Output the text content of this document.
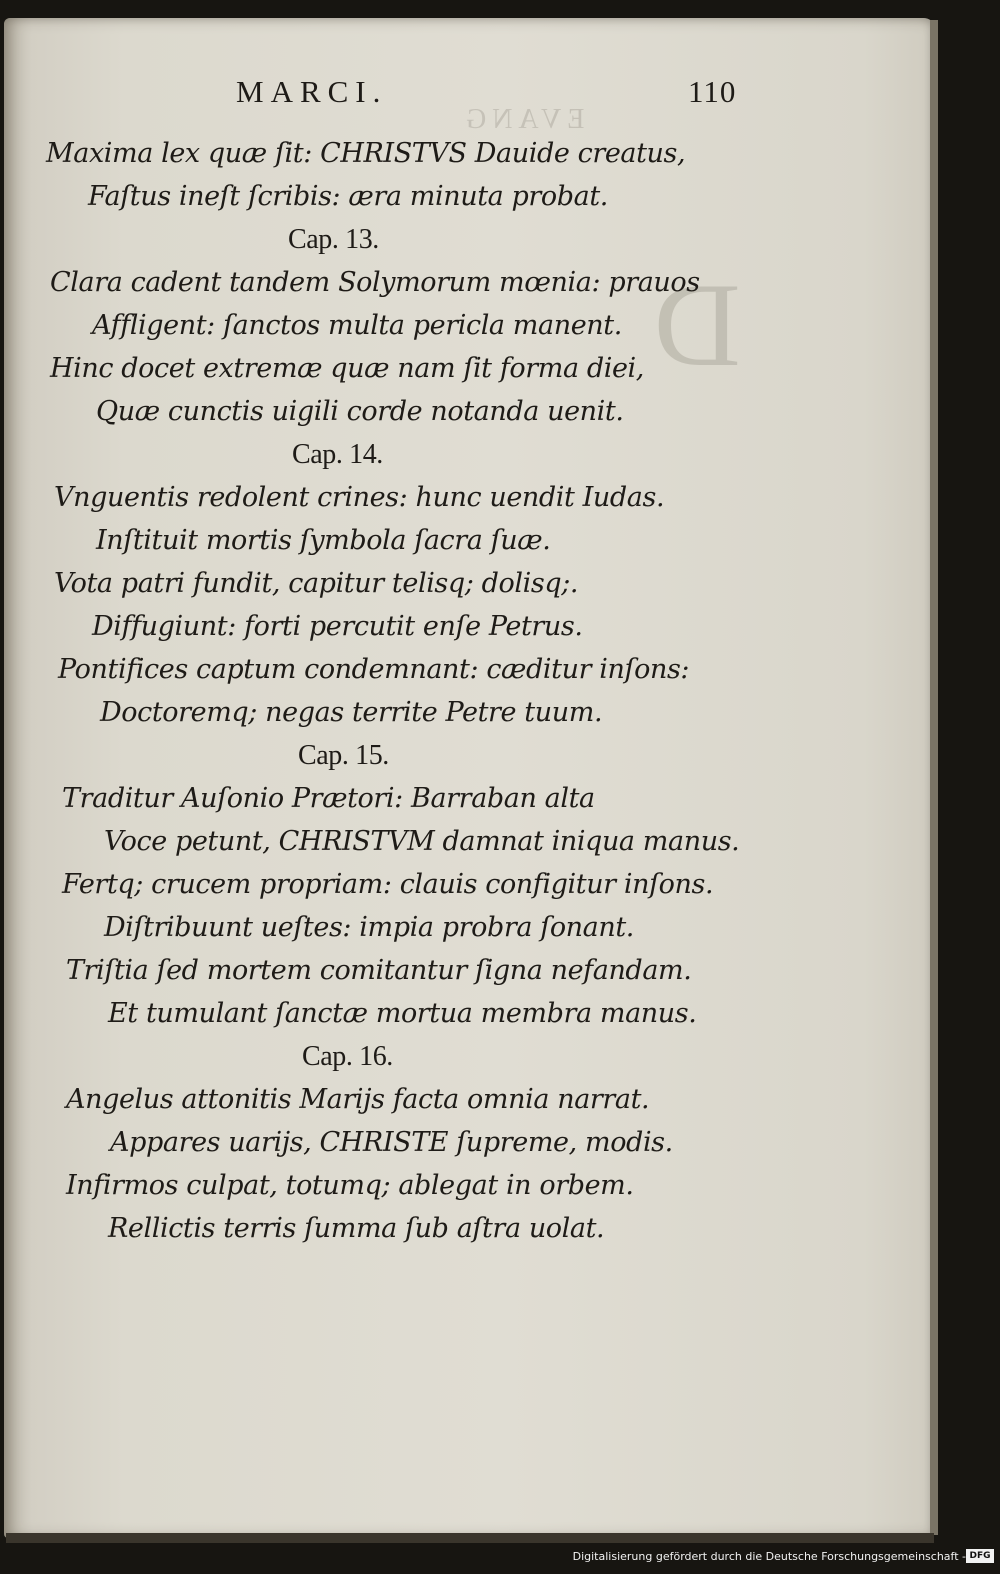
EVANG
D
MARCI.	110
Maxima lex quæ ſit: CHRISTVS Dauide creatus,
Faſtus ineſt ſcribis: æra minuta probat.
Cap. 13.
Clara cadent tandem Solymorum mœnia: prauos
Affligent: ſanctos multa pericla manent.
Hinc docet extremæ quæ nam ſit forma diei,
Quæ cunctis uigili corde notanda uenit.
Cap. 14.
Vnguentis redolent crines: hunc uendit Iudas.
Inſtituit mortis ſymbola ſacra ſuæ.
Vota patri fundit, capitur telisq; dolisq;.
Diffugiunt: forti percutit enſe Petrus.
Pontifices captum condemnant: cæditur inſons:
Doctoremq; negas territe Petre tuum.
Cap. 15.
Traditur Auſonio Prætori: Barraban alta
Voce petunt, CHRISTVM damnat iniqua manus.
Fertq; crucem propriam: clauis configitur inſons.
Diſtribuunt ueſtes: impia probra ſonant.
Triſtia ſed mortem comitantur ſigna nefandam.
Et tumulant ſanctæ mortua membra manus.
Cap. 16.
Angelus attonitis Marijs facta omnia narrat.
Appares uarijs, CHRISTE ſupreme, modis.
Infirmos culpat, totumq; ablegat in orbem.
Rellictis terris ſumma ſub aſtra uolat.
Digitalisierung gefördert durch die Deutsche Forschungsgemeinschaft - DFG
